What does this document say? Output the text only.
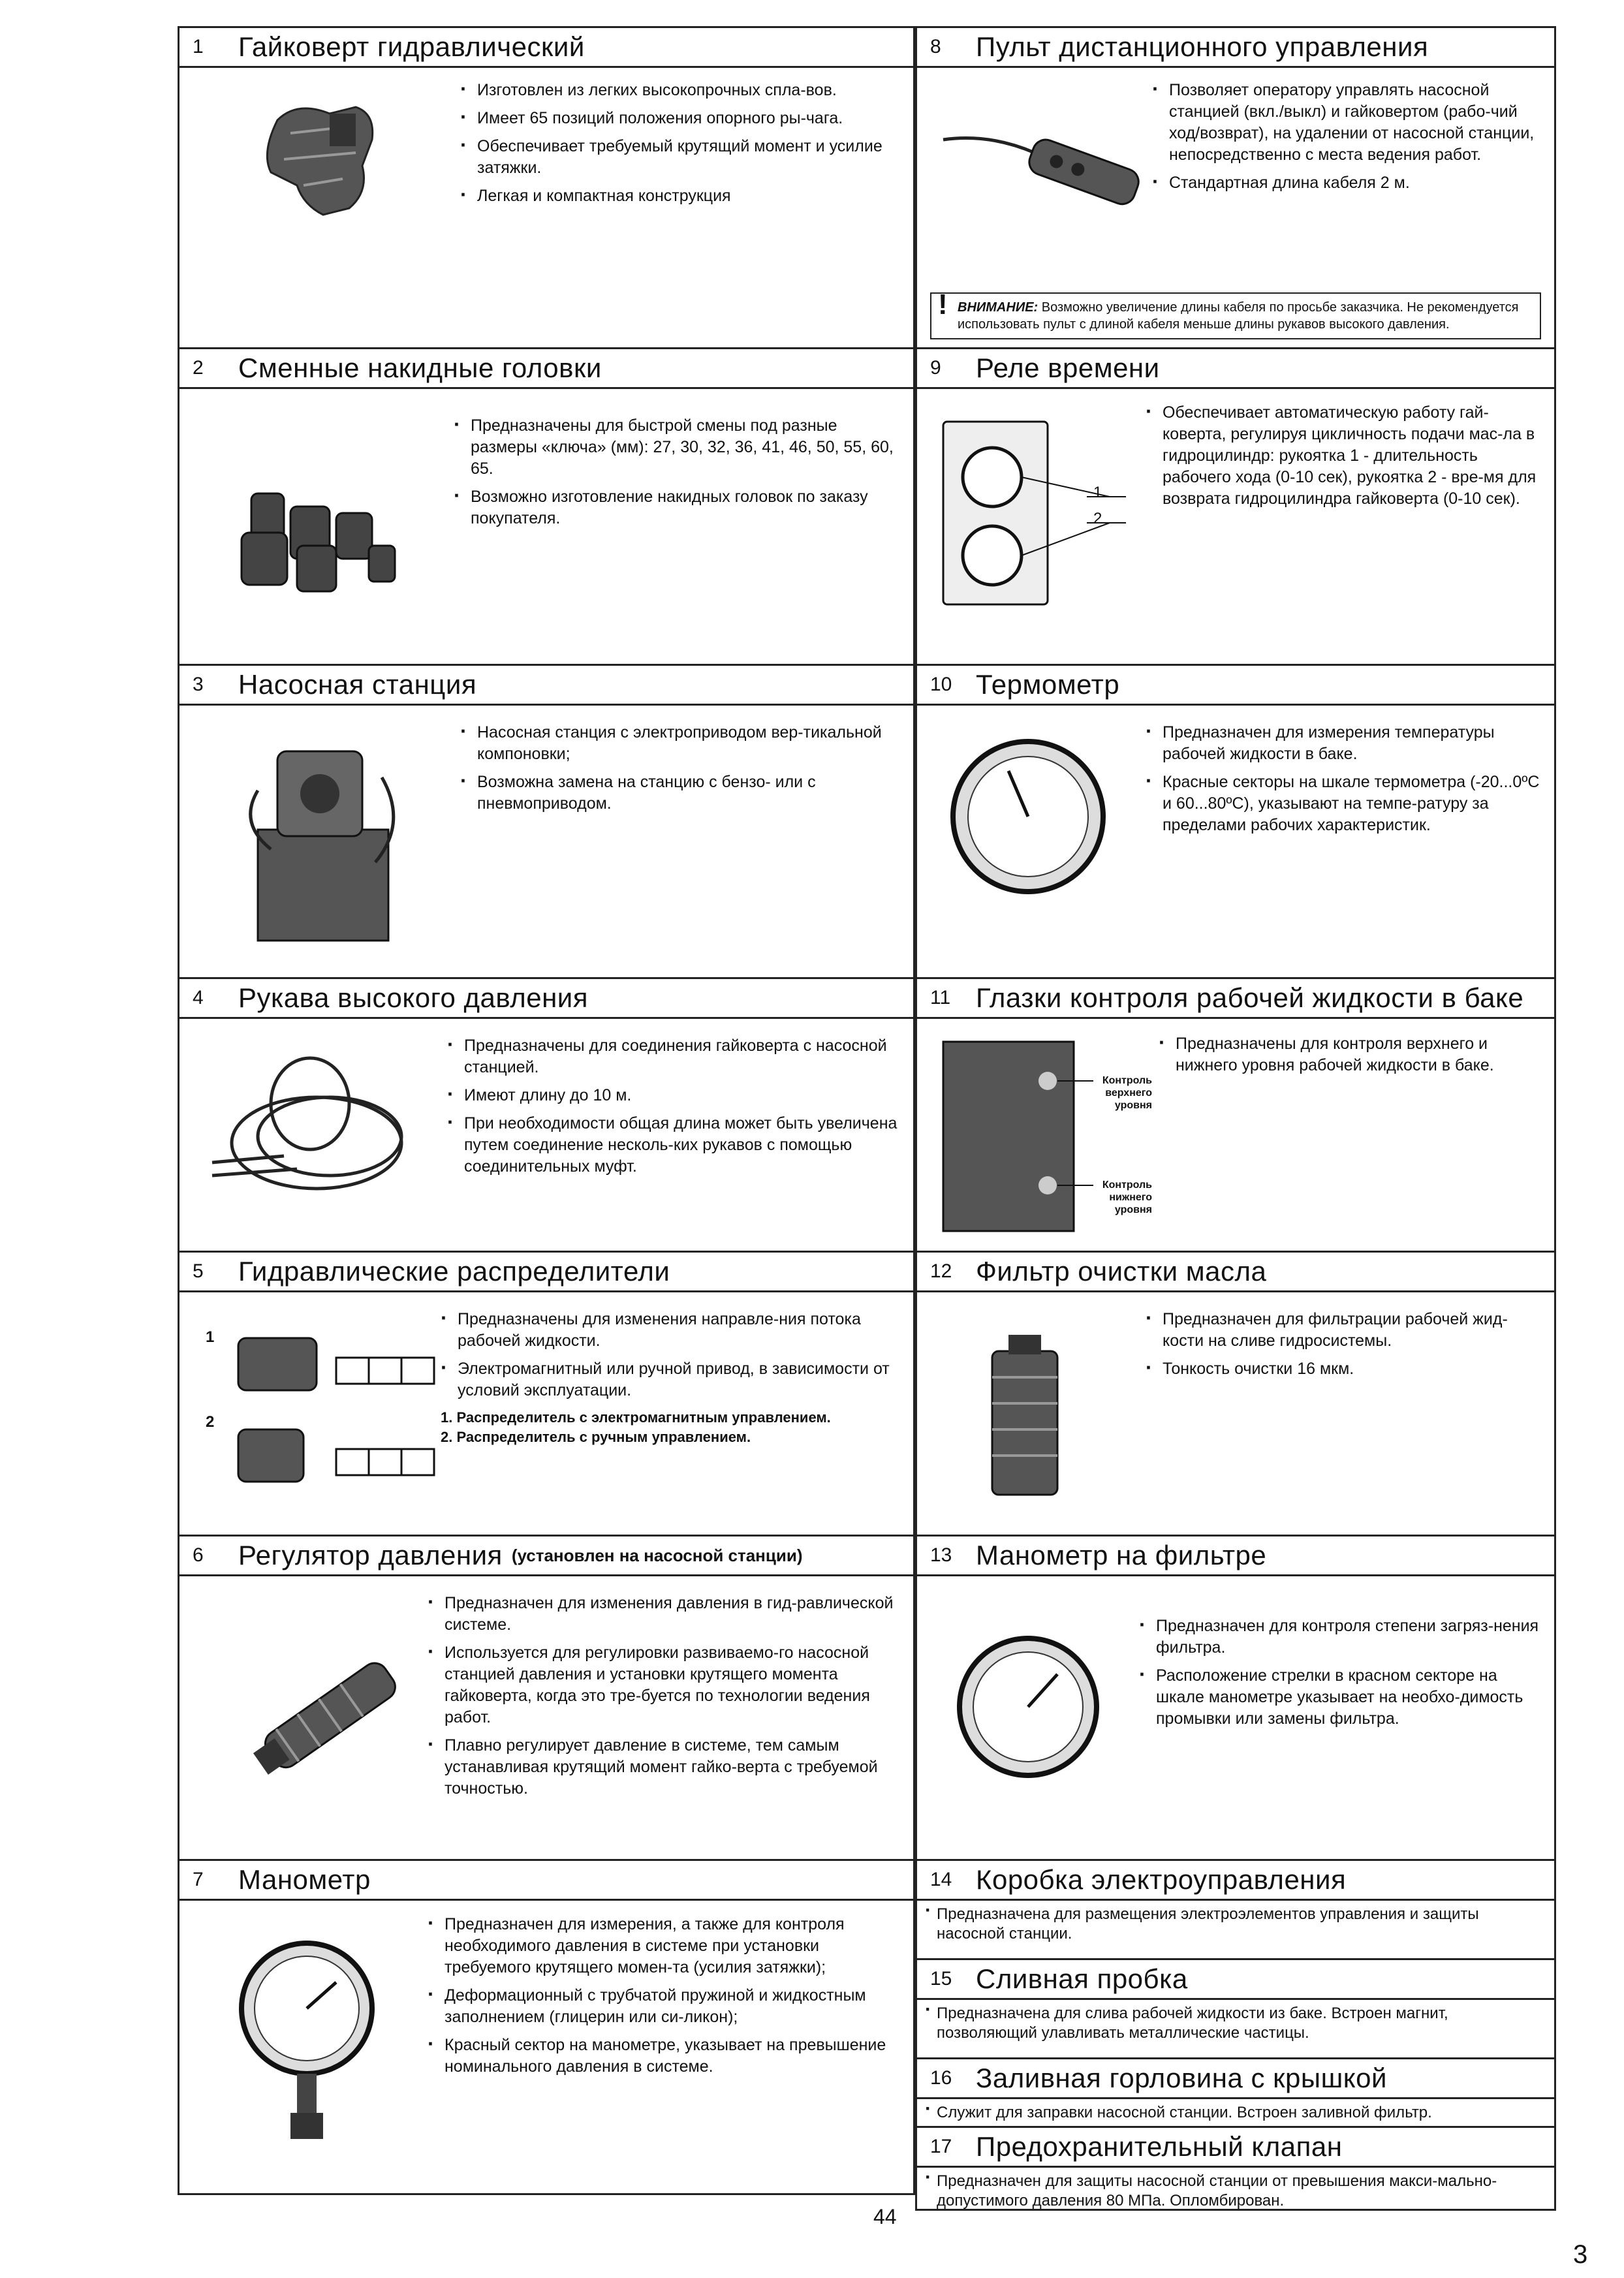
1	Гайковерт гидравлический
· Изготовлен из легких высокопрочных спла-вов.
· Имеет 65 позиций положения опорного ры-чага.
· Обеспечивает требуемый крутящий момент и усилие затяжки.
· Легкая и компактная конструкция
2	Сменные накидные головки
· Предназначены для быстрой смены под разные размеры «ключа» (мм): 27, 30, 32, 36, 41, 46, 50, 55, 60, 65.
· Возможно изготовление накидных головок по заказу покупателя.
3	Насосная станция
· Насосная станция с электроприводом вер-тикальной компоновки;
· Возможна замена на станцию с бензо- или с пневмоприводом.
4	Рукава высокого давления
· Предназначены для соединения гайковерта с насосной станцией.
· Имеют длину до 10 м.
· При необходимости общая длина может быть увеличена путем соединение несколь-ких рукавов с помощью соединительных муфт.
5	Гидравлические распределители
1
2
· Предназначены для изменения направле-ния потока рабочей жидкости.
· Электромагнитный или ручной привод, в зависимости от условий эксплуатации.
1. Распределитель с электромагнитным управлением.
2. Распределитель с ручным управлением.
6	Регулятор давления (установлен на насосной станции)
· Предназначен для изменения давления в гид-равлической системе.
· Используется для регулировки развиваемо-го насосной станцией давления и установки крутящего момента гайковерта, когда это тре-буется по технологии ведения работ.
· Плавно регулирует давление в системе, тем самым устанавливая крутящий момент гайко-верта с требуемой точностью.
7	Манометр
· Предназначен для измерения, а также для контроля необходимого давления в системе при установки требуемого крутящего момен-та (усилия затяжки);
· Деформационный с трубчатой пружиной и жидкостным заполнением (глицерин или си-ликон);
· Красный сектор на манометре, указывает на превышение номинального давления в системе.
8	Пульт дистанционного управления
· Позволяет оператору управлять насосной станцией (вкл./выкл) и гайковертом (рабо-чий ход/возврат), на удалении от насосной станции, непосредственно с места ведения работ.
· Стандартная длина кабеля 2 м.
! ВНИМАНИЕ: Возможно увеличение длины кабеля по просьбе заказчика. Не рекомендуется использовать пульт с длиной кабеля меньше длины рукавов высокого давления.
9	Реле времени
1
2
· Обеспечивает автоматическую работу гай-коверта, регулируя цикличность подачи мас-ла в гидроцилиндр: рукоятка 1 - длительность рабочего хода (0-10 сек), рукоятка 2 - вре-мя для возврата гидроцилиндра гайковерта (0-10 сек).
10 Термометр
· Предназначен для измерения температуры рабочей жидкости в баке.
· Красные секторы на шкале термометра (-20...0ºС и 60...80ºС), указывают на темпе-ратуру за пределами рабочих характеристик.
11 Глазки контроля рабочей жидкости в баке
Контроль верхнего уровня
Контроль нижнего уровня
· Предназначены для контроля верхнего и нижнего уровня рабочей жидкости в баке.
12 Фильтр очистки масла
· Предназначен для фильтрации рабочей жид-кости на сливе гидросистемы.
· Тонкость очистки 16 мкм.
13 Манометр на фильтре
· Предназначен для контроля степени загряз-нения фильтра.
· Расположение стрелки в красном секторе на шкале манометре указывает на необхо-димость промывки или замены фильтра.
14 Коробка электроуправления
· Предназначена для размещения электроэлементов управления и защиты насосной станции.
15 Сливная пробка
· Предназначена для слива рабочей жидкости из баке. Встроен магнит, позволяющий улавливать металлические частицы.
16 Заливная горловина с крышкой
· Служит для заправки насосной станции. Встроен заливной фильтр.
17 Предохранительный клапан
· Предназначен для защиты насосной станции от превышения макси-мально-допустимого давления 80 МПа. Опломбирован.
44
3
